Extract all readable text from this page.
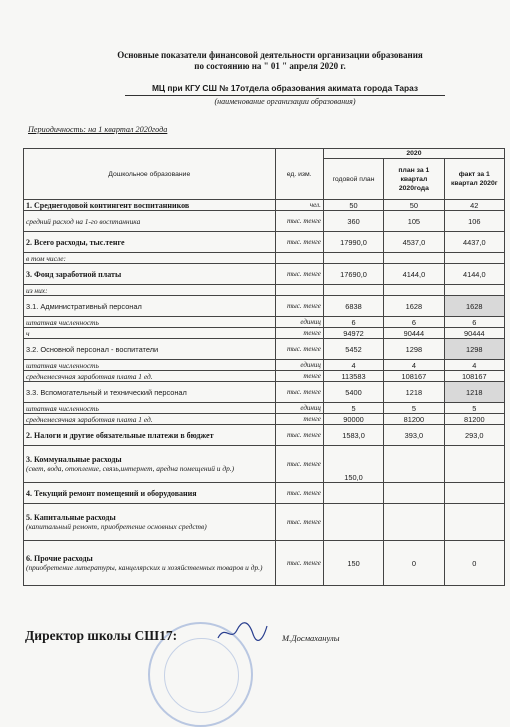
Основные показатели финансовой деятельности организации образования
по состоянию на " 01 " апреля 2020 г.
МЦ при КГУ СШ № 17отдела образования акимата города Тараз
(наименование организации образования)
Периодичность: на 1 квартал 2020года
Дошкольное образование	ед. изм.	2020		
		годовой план	план за 1 квартал 2020года	факт за 1 квартал 2020г
1. Среднегодовой контингент воспитанников	чел.	50	50	42
средний расход на 1-го восптанника	тыс. тенге	360	105	106
2. Всего расходы, тыс.тенге	тыс. тенге	17990,0	4537,0	4437,0
в том числе:				
3. Фонд заработной платы	тыс. тенге	17690,0	4144,0	4144,0
из них:				
3.1. Административный персонал	тыс. тенге	6838	1628	1628
штатная численность	единиц	6	6	6
ч	тенге	94972	90444	90444
3.2. Основной персонал - воспитатели	тыс. тенге	5452	1298	1298
штатная численность	единиц	4	4	4
среднемесячная заработная плата 1 ед.	тенге	113583	108167	108167
3.3. Вспомогательный и технический персонал	тыс. тенге	5400	1218	1218
штатная численность	единиц	5	5	5
среднемесячная заработная плата 1 ед.	тенге	90000	81200	81200
2. Налоги и другие обязательные платежи в бюджет	тыс. тенге	1583,0	393,0	293,0
3. Коммунальные расходы
(свет, вода, отопление, связь,интернет, аредна помещений и др.)	тыс. тенге	150,0		
4. Текущий ремонт помещений и оборудования	тыс. тенге			
5. Капитальные расходы
(капитальный ремонт, приобретение основных средств)	тыс. тенге			
6. Прочие расходы
(приобретение литературы, канцелярских и хозяйственных товаров и др.)	тыс. тенге	150	0	0
Директор школы СШ17:	М.Досмаханулы
